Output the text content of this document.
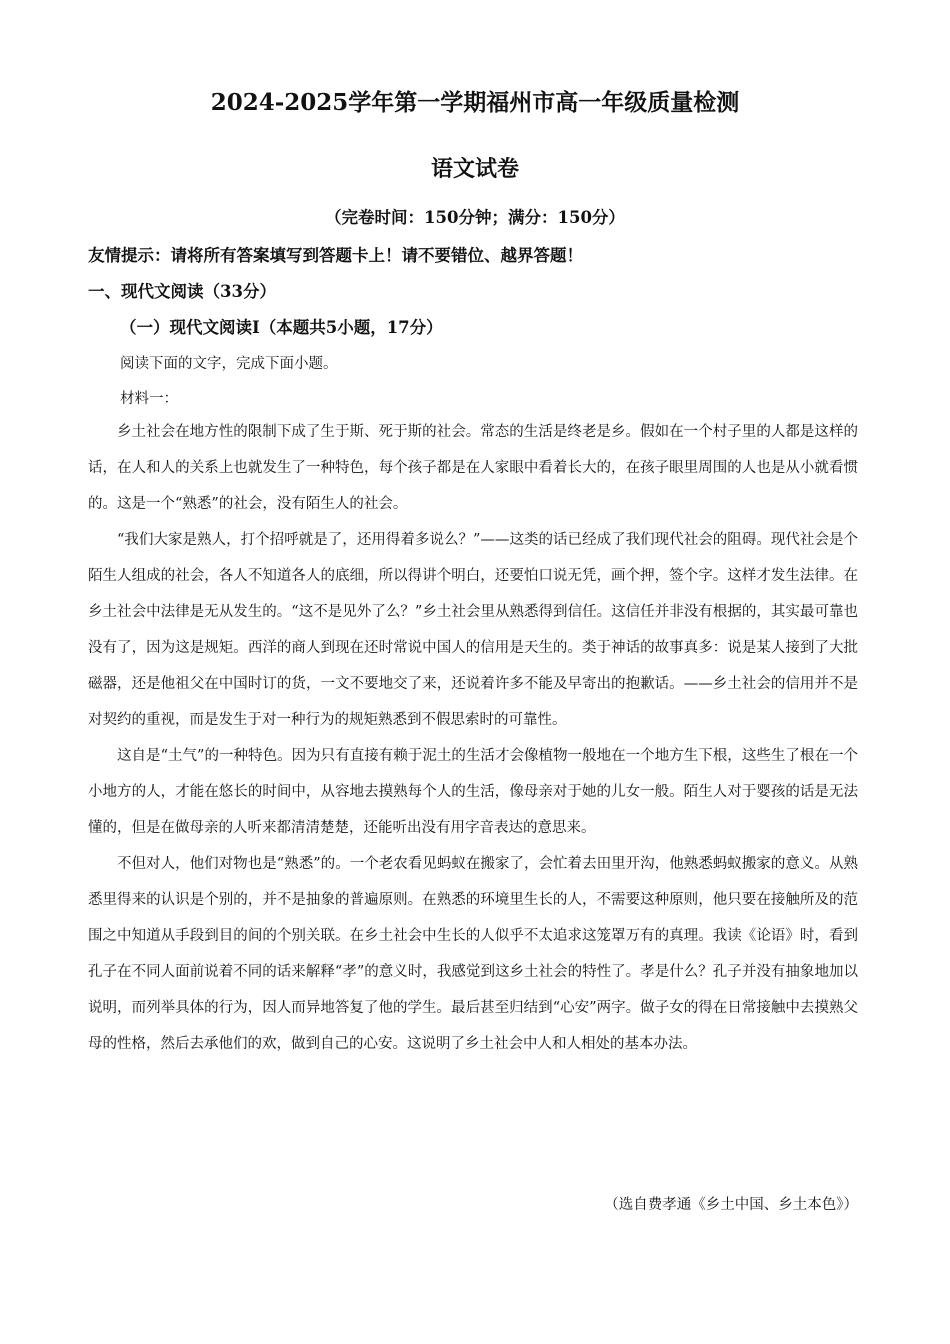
2024-2025学年第一学期福州市高一年级质量检测
语文试卷
（完卷时间：150分钟；满分：150分）
友情提示：请将所有答案填写到答题卡上！请不要错位、越界答题！
一、现代文阅读（33分）
（一）现代文阅读Ⅰ（本题共5小题，17分）
阅读下面的文字，完成下面小题。
材料一：

乡土社会在地方性的限制下成了生于斯、死于斯的社会。常态的生活是终老是乡。假如在一个村子里的人都是这样的话，在人和人的关系上也就发生了一种特色，每个孩子都是在人家眼中看着长大的，在孩子眼里周围的人也是从小就看惯的。这是一个“熟悉”的社会，没有陌生人的社会。

“我们大家是熟人，打个招呼就是了，还用得着多说么？”——这类的话已经成了我们现代社会的阻碍。现代社会是个陌生人组成的社会，各人不知道各人的底细，所以得讲个明白，还要怕口说无凭，画个押，签个字。这样才发生法律。在乡土社会中法律是无从发生的。“这不是见外了么？”乡土社会里从熟悉得到信任。这信任并非没有根据的，其实最可靠也没有了，因为这是规矩。西洋的商人到现在还时常说中国人的信用是天生的。类于神话的故事真多：说是某人接到了大批磁器，还是他祖父在中国时订的货，一文不要地交了来，还说着许多不能及早寄出的抱歉话。——乡土社会的信用并不是对契约的重视，而是发生于对一种行为的规矩熟悉到不假思索时的可靠性。

这自是“土气”的一种特色。因为只有直接有赖于泥土的生活才会像植物一般地在一个地方生下根，这些生了根在一个小地方的人，才能在悠长的时间中，从容地去摸熟每个人的生活，像母亲对于她的儿女一般。陌生人对于婴孩的话是无法懂的，但是在做母亲的人听来都清清楚楚，还能听出没有用字音表达的意思来。

不但对人，他们对物也是“熟悉”的。一个老农看见蚂蚁在搬家了，会忙着去田里开沟，他熟悉蚂蚁搬家的意义。从熟悉里得来的认识是个别的，并不是抽象的普遍原则。在熟悉的环境里生长的人，不需要这种原则，他只要在接触所及的范围之中知道从手段到目的间的个别关联。在乡土社会中生长的人似乎不太追求这笼罩万有的真理。我读《论语》时，看到孔子在不同人面前说着不同的话来解释“孝”的意义时，我感觉到这乡土社会的特性了。孝是什么？孔子并没有抽象地加以说明，而列举具体的行为，因人而异地答复了他的学生。最后甚至归结到“心安”两字。做子女的得在日常接触中去摸熟父母的性格，然后去承他们的欢，做到自己的心安。这说明了乡土社会中人和人相处的基本办法。

（选自费孝通《乡土中国、乡土本色》）
